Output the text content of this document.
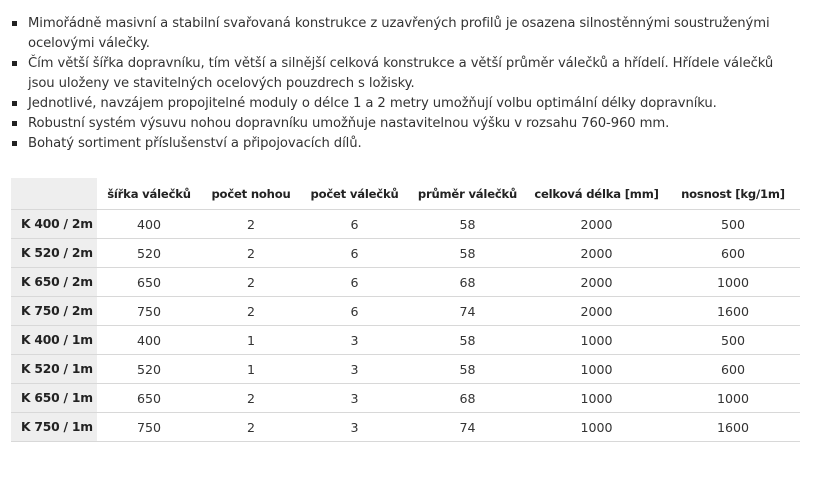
Mimořádně masivní a stabilní svařovaná konstrukce z uzavřených profilů je osazena silnostěnnými soustruženými ocelovými válečky.
Čím větší šířka dopravníku, tím větší a silnější celková konstrukce a větší průměr válečků a hřídelí. Hřídele válečků jsou uloženy ve stavitelných ocelových pouzdrech s ložisky.
Jednotlivé, navzájem propojitelné moduly o délce 1 a 2 metry umožňují volbu optimální délky dopravníku.
Robustní systém výsuvu nohou dopravníku umožňuje nastavitelnou výšku v rozsahu 760-960 mm.
Bohatý sortiment příslušenství a připojovacích dílů.
	šířka válečků	počet nohou	počet válečků	průměr válečků	celková délka [mm]	nosnost [kg/1m]
K 400 / 2m	400	2	6	58	2000	500
K 520 / 2m	520	2	6	58	2000	600
K 650 / 2m	650	2	6	68	2000	1000
K 750 / 2m	750	2	6	74	2000	1600
K 400 / 1m	400	1	3	58	1000	500
K 520 / 1m	520	1	3	58	1000	600
K 650 / 1m	650	2	3	68	1000	1000
K 750 / 1m	750	2	3	74	1000	1600
